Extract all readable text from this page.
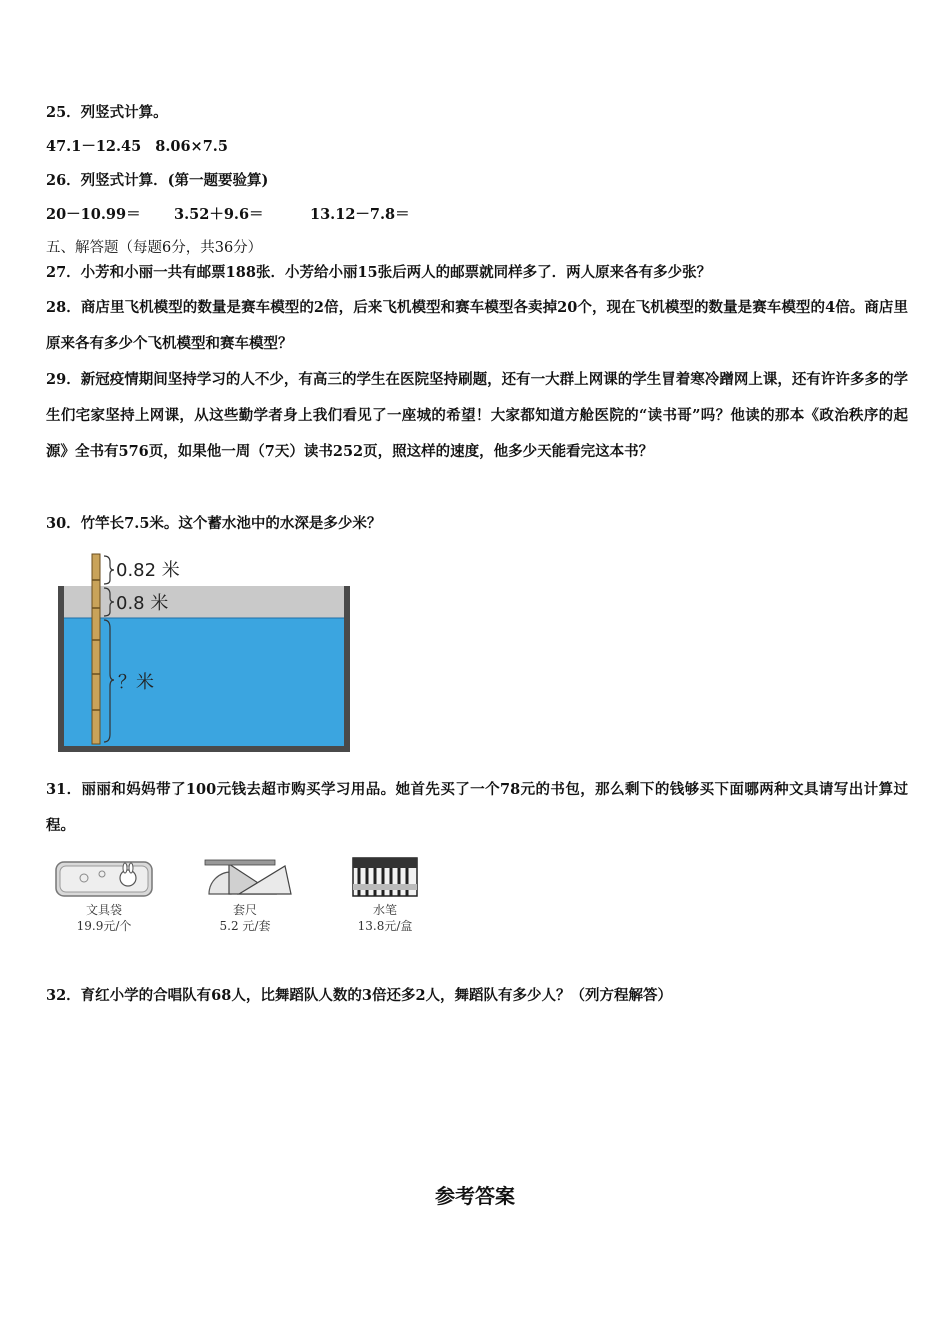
25．列竖式计算。
47.1－12.45 8.06×7.5
26．列竖式计算．(第一题要验算)
20－10.99＝ 3.52＋9.6＝	13.12－7.8＝
五、解答题（每题6分，共36分）
27．小芳和小丽一共有邮票188张．小芳给小丽15张后两人的邮票就同样多了．两人原来各有多少张？
28．商店里飞机模型的数量是赛车模型的2倍，后来飞机模型和赛车模型各卖掉20个，现在飞机模型的数量是赛车模型的4倍。商店里原来各有多少个飞机模型和赛车模型？
29．新冠疫情期间坚持学习的人不少，有高三的学生在医院坚持刷题，还有一大群上网课的学生冒着寒冷蹭网上课，还有许许多多的学生们宅家坚持上网课，从这些勤学者身上我们看见了一座城的希望！大家都知道方舱医院的“读书哥”吗？他读的那本《政治秩序的起源》全书有576页，如果他一周（7天）读书252页，照这样的速度，他多少天能看完这本书？
30．竹竿长7.5米。这个蓄水池中的水深是多少米？
0.82 米
0.8 米
？米
31．丽丽和妈妈带了100元钱去超市购买学习用品。她首先买了一个78元的书包，那么剩下的钱够买下面哪两种文具请写出计算过程。
文具袋
19.9元/个
套尺
5.2 元/套
水笔
13.8元/盒
32．育红小学的合唱队有68人，比舞蹈队人数的3倍还多2人，舞蹈队有多少人？（列方程解答）
参考答案
